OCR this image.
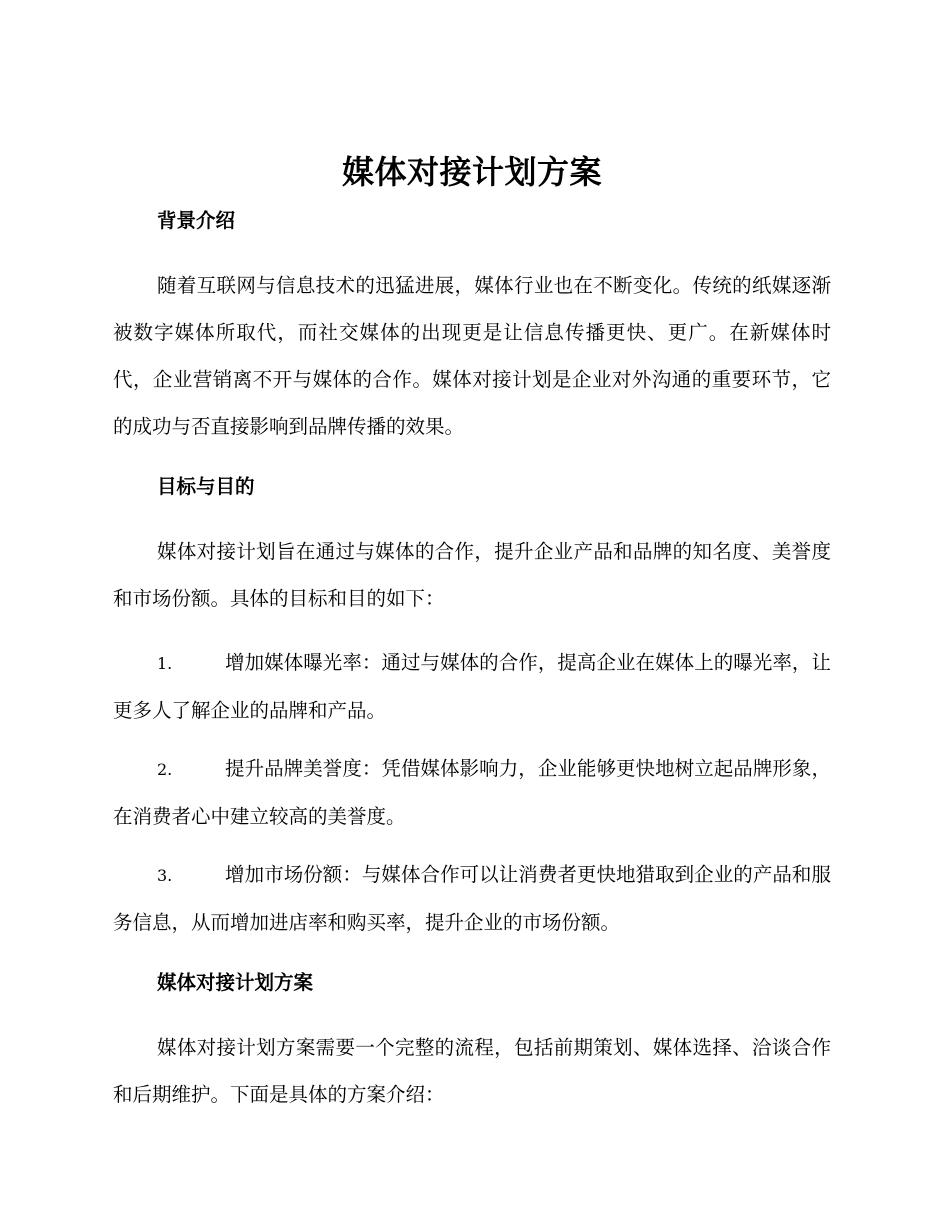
媒体对接计划方案
背景介绍

随着互联网与信息技术的迅猛进展，媒体行业也在不断变化。传统的纸媒逐渐被数字媒体所取代，而社交媒体的出现更是让信息传播更快、更广。在新媒体时代，企业营销离不开与媒体的合作。媒体对接计划是企业对外沟通的重要环节，它的成功与否直接影响到品牌传播的效果。

目标与目的

媒体对接计划旨在通过与媒体的合作，提升企业产品和品牌的知名度、美誉度和市场份额。具体的目标和目的如下：

1.	增加媒体曝光率：通过与媒体的合作，提高企业在媒体上的曝光率，让更多人了解企业的品牌和产品。
2.	提升品牌美誉度：凭借媒体影响力，企业能够更快地树立起品牌形象，在消费者心中建立较高的美誉度。
3.	增加市场份额：与媒体合作可以让消费者更快地猎取到企业的产品和服务信息，从而增加进店率和购买率，提升企业的市场份额。
媒体对接计划方案

媒体对接计划方案需要一个完整的流程，包括前期策划、媒体选择、洽谈合作和后期维护。下面是具体的方案介绍：
